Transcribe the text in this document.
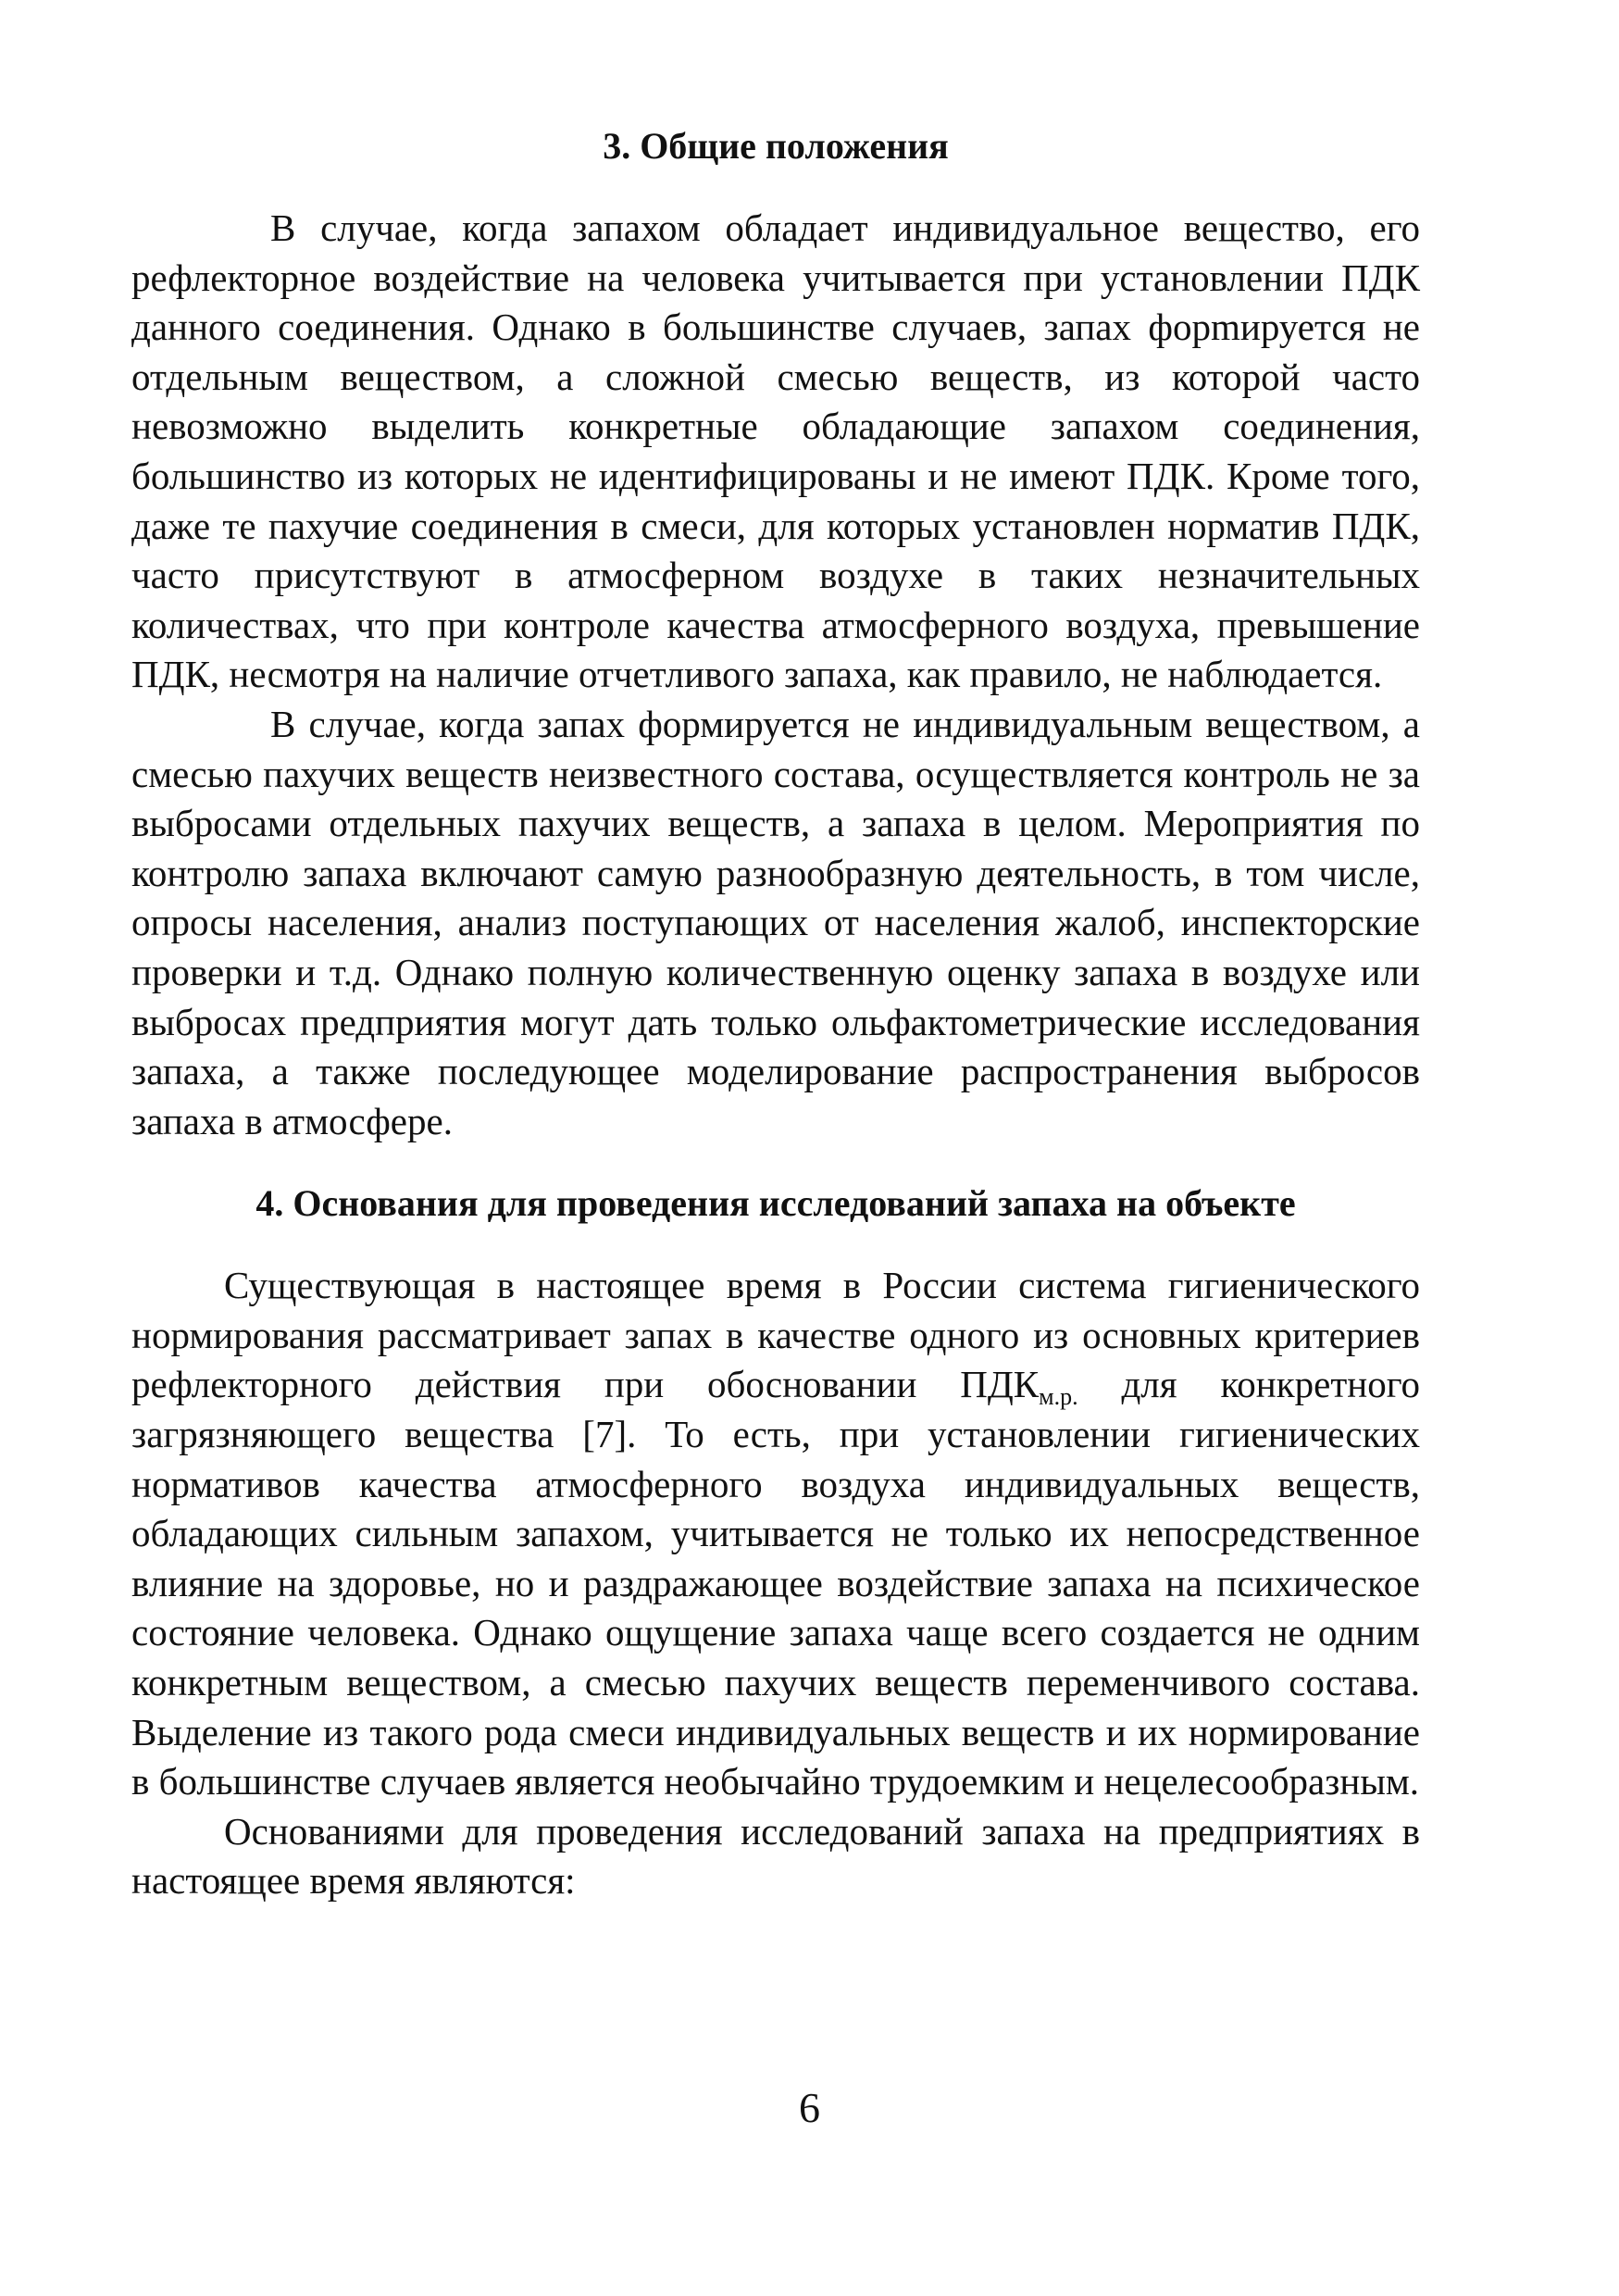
3. Общие положения

В случае, когда запахом обладает индивидуальное вещество, его рефлекторное воздействие на человека учитывается при установлении ПДК данного соединения. Однако в большинстве случаев, запах форmируется не отдельным веществом, а сложной смесью веществ, из которой часто невозможно выделить конкретные обладающие запахом соединения, большинство из которых не идентифицированы и не имеют ПДК. Кроме того, даже те пахучие соединения в смеси, для которых установлен норматив ПДК, часто присутствуют в атмосферном воздухе в таких незначительных количествах, что при контроле качества атмосферного воздуха, превышение ПДК, несмотря на наличие отчетливого запаха, как правило, не наблюдается.

В случае, когда запах формируется не индивидуальным веществом, а смесью пахучих веществ неизвестного состава, осуществляется контроль не за выбросами отдельных пахучих веществ, а запаха в целом. Мероприятия по контролю запаха включают самую разнообразную деятельность, в том числе, опросы населения, анализ поступающих от населения жалоб, инспекторские проверки и т.д. Однако полную количественную оценку запаха в воздухе или выбросах предприятия могут дать только ольфактометрические исследования запаха, а также последующее моделирование распространения выбросов запаха в атмосфере.

4. Основания для проведения исследований запаха на объекте

Существующая в настоящее время в России система гигиенического нормирования рассматривает запах в качестве одного из основных критериев рефлекторного действия при обосновании $ПДК_{м.р.}$ для конкретного загрязняющего вещества [7]. То есть, при установлении гигиенических нормативов качества атмосферного воздуха индивидуальных веществ, обладающих сильным запахом, учитывается не только их непосредственное влияние на здоровье, но и раздражающее воздействие запаха на психическое состояние человека. Однако ощущение запаха чаще всего создается не одним конкретным веществом, а смесью пахучих веществ переменчивого состава. Выделение из такого рода смеси индивидуальных веществ и их нормирование в большинстве случаев является необычайно трудоемким и нецелесообразным.

Основаниями для проведения исследований запаха на предприятиях в настоящее время являются:

6
